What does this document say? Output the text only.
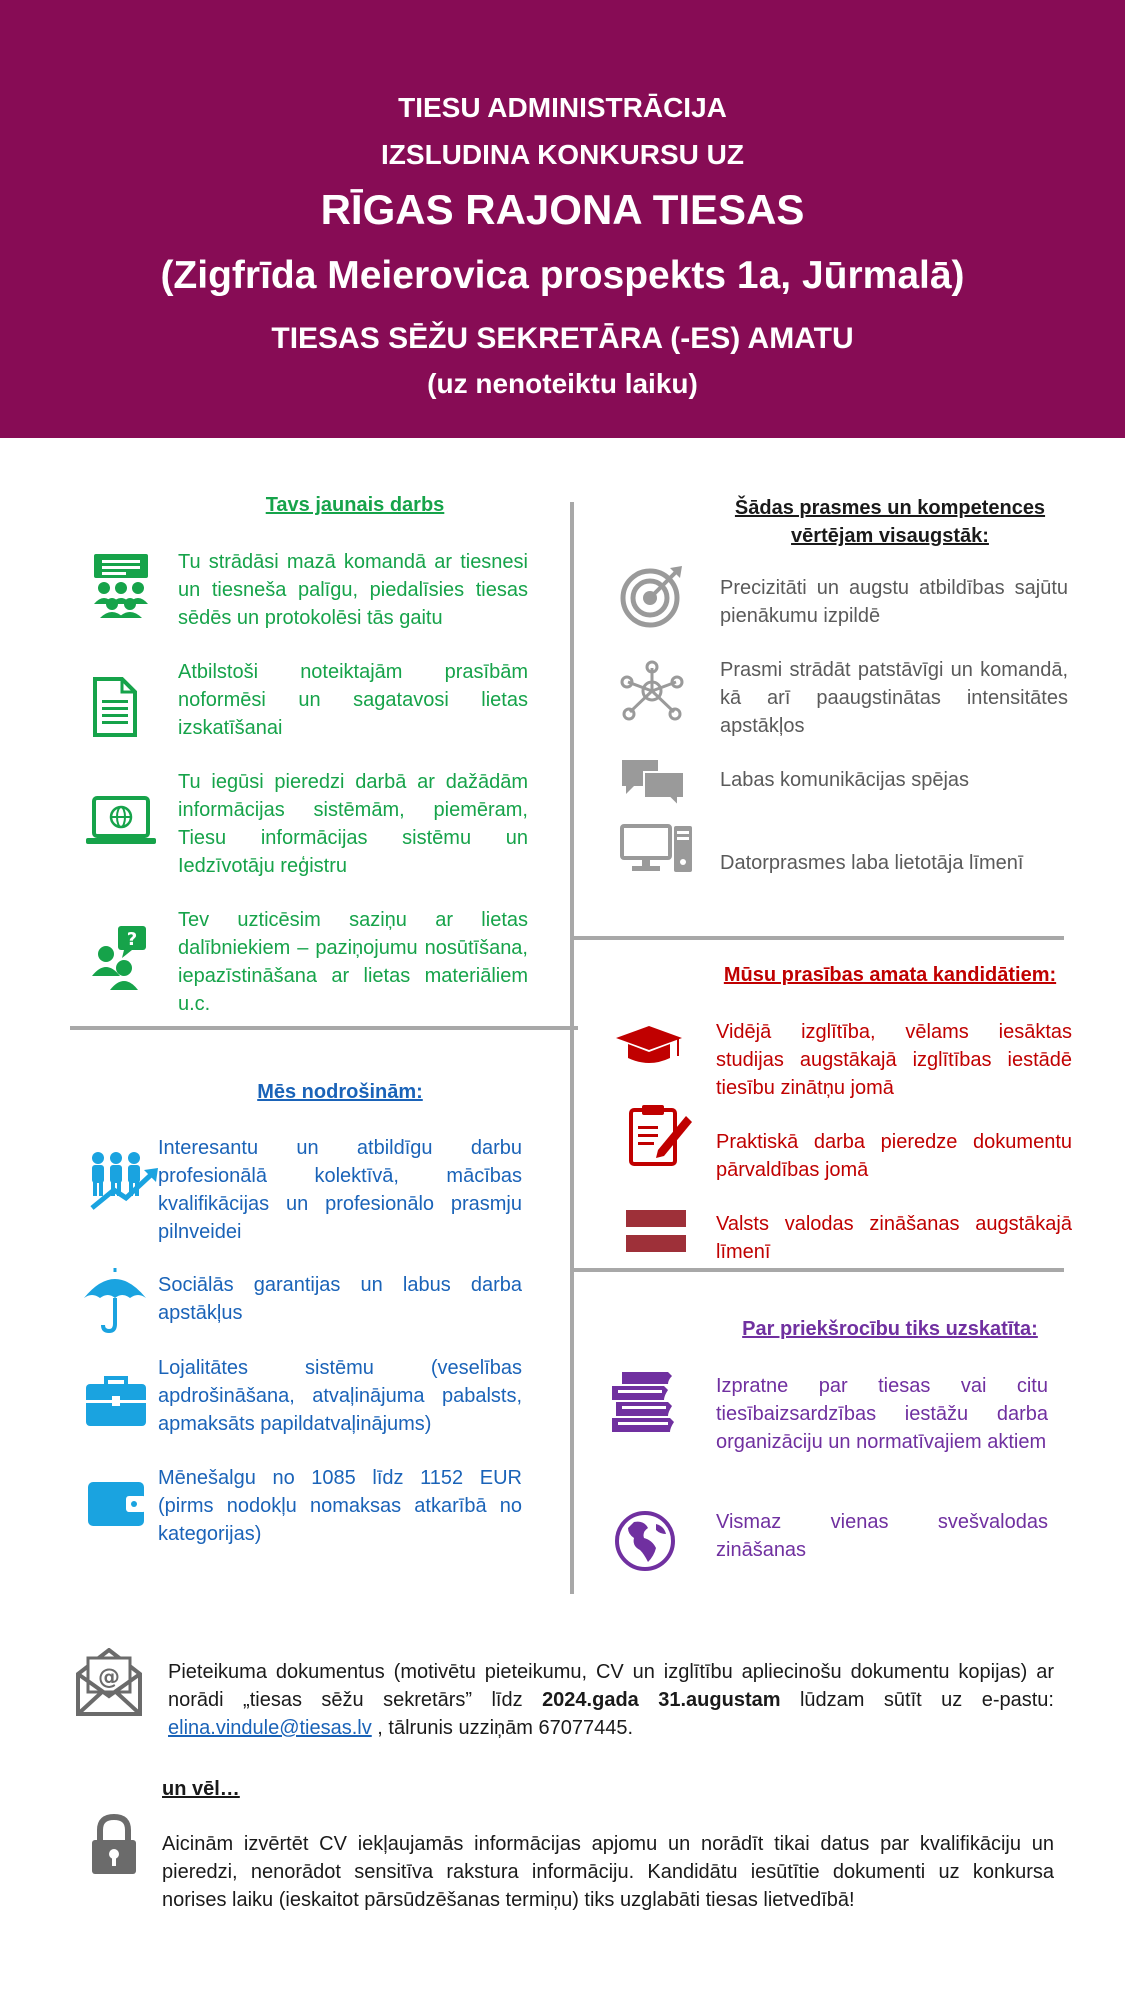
TIESU ADMINISTRĀCIJA
IZSLUDINA KONKURSU UZ
RĪGAS RAJONA TIESAS
(Zigfrīda Meierovica prospekts 1a, Jūrmalā)
TIESAS SĒŽU SEKRETĀRA (-ES) AMATU
(uz nenoteiktu laiku)
Tavs jaunais darbs
Tu strādāsi mazā komandā ar tiesnesi un tiesneša palīgu, piedalīsies tiesas sēdēs un protokolēsi tās gaitu
Atbilstoši noteiktajām prasībām noformēsi un sagatavosi lietas izskatīšanai
Tu iegūsi pieredzi darbā ar dažādām informācijas sistēmām, piemēram, Tiesu informācijas sistēmu un Iedzīvotāju reģistru
?
Tev uzticēsim saziņu ar lietas dalībniekiem – paziņojumu nosūtīšana, iepazīstināšana ar lietas materiāliem u.c.
Šādas prasmes un kompetences
vērtējam visaugstāk:
Precizitāti un augstu atbildības sajūtu pienākumu izpildē
Prasmi strādāt patstāvīgi un komandā, kā arī paaugstinātas intensitātes apstākļos
Labas komunikācijas spējas
Datorprasmes laba lietotāja līmenī
Mēs nodrošinām:
Interesantu un atbildīgu darbu profesionālā kolektīvā, mācības kvalifikācijas un profesionālo prasmju pilnveidei
Sociālās garantijas un labus darba apstākļus
Lojalitātes sistēmu (veselības apdrošināšana, atvaļinājuma pabalsts, apmaksāts papildatvaļinājums)
Mēnešalgu no 1085 līdz 1152 EUR (pirms nodokļu nomaksas atkarībā no kategorijas)
Mūsu prasības amata kandidātiem:
Vidējā izglītība, vēlams iesāktas studijas augstākajā izglītības iestādē tiesību zinātņu jomā
Praktiskā darba pieredze dokumentu pārvaldības jomā
Valsts valodas zināšanas augstākajā līmenī
Par priekšrocību tiks uzskatīta:
Izpratne par tiesas vai citu tiesībaizsardzības iestāžu darba organizāciju un normatīvajiem aktiem
Vismaz vienas svešvalodas zināšanas
@ Pieteikuma dokumentus (motivētu pieteikumu, CV un izglītību apliecinošu dokumentu kopijas) ar norādi „tiesas sēžu sekretārs” līdz 2024.gada 31.augustam lūdzam sūtīt uz e-pastu: elina.vindule@tiesas.lv , tālrunis uzziņām 67077445.
un vēl…
Aicinām izvērtēt CV iekļaujamās informācijas apjomu un norādīt tikai datus par kvalifikāciju un pieredzi, nenorādot sensitīva rakstura informāciju. Kandidātu iesūtītie dokumenti uz konkursa norises laiku (ieskaitot pārsūdzēšanas termiņu) tiks uzglabāti tiesas lietvedībā!
